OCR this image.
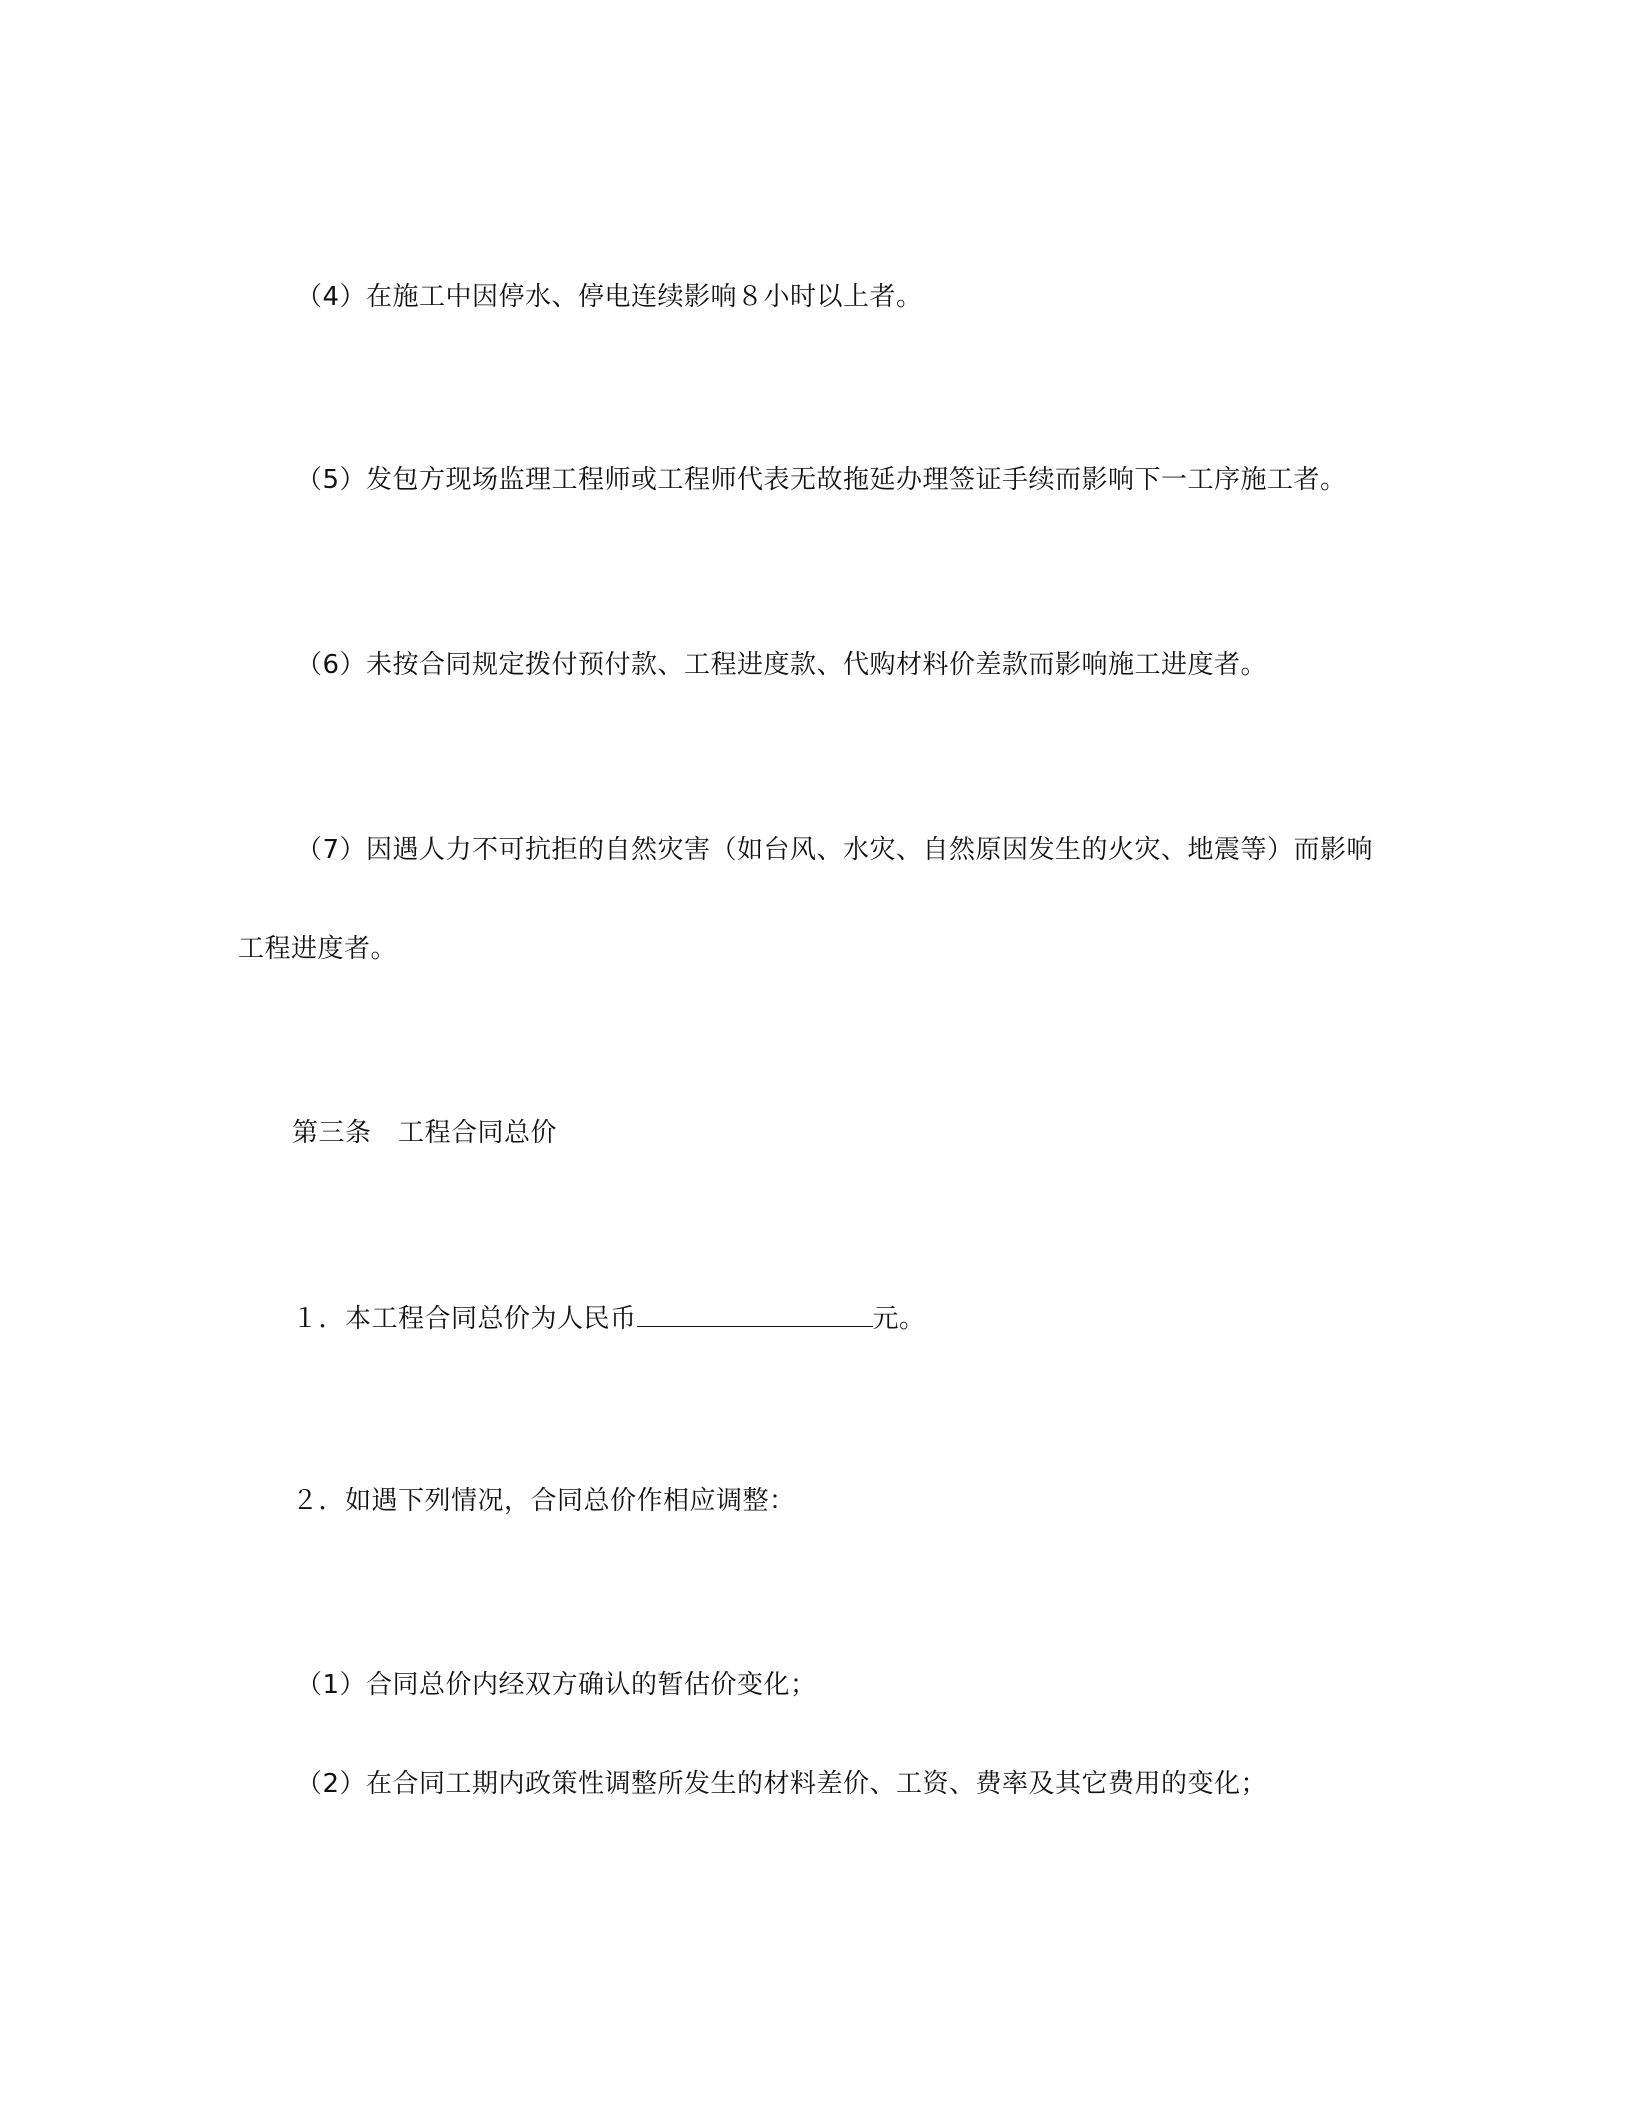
（4）在施工中因停水、停电连续影响８小时以上者。
（5）发包方现场监理工程师或工程师代表无故拖延办理签证手续而影响下一工序施工者。
（6）未按合同规定拨付预付款、工程进度款、代购材料价差款而影响施工进度者。
（7）因遇人力不可抗拒的自然灾害（如台风、水灾、自然原因发生的火灾、地震等）而影响
工程进度者。
第三条　工程合同总价
１．本工程合同总价为人民币	元。
２．如遇下列情况，合同总价作相应调整：
（1）合同总价内经双方确认的暂估价变化；
（2）在合同工期内政策性调整所发生的材料差价、工资、费率及其它费用的变化；
